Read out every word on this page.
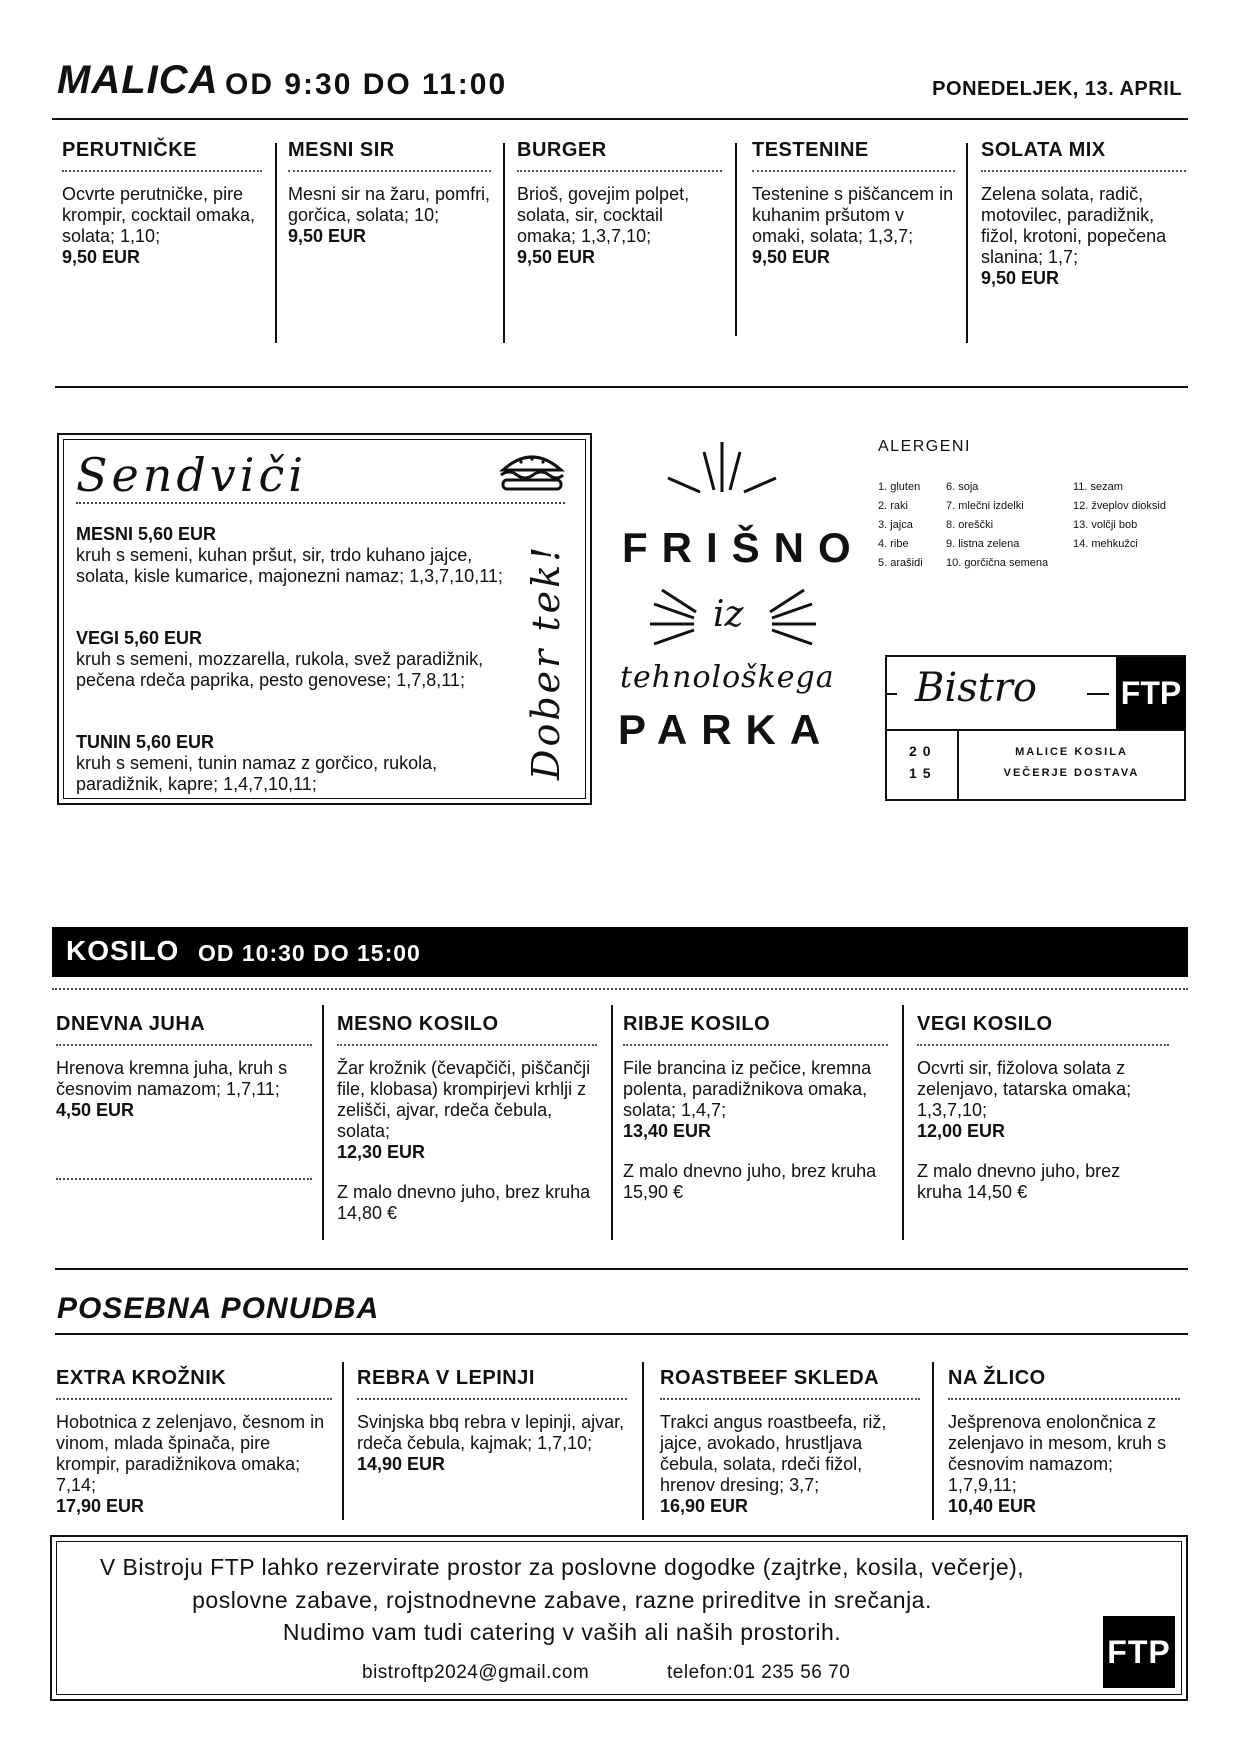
MALICA OD 9:30 DO 11:00	PONEDELJEK, 13. APRIL
PERUTNIČKE
Ocvrte perutničke, pire krompir, cocktail omaka, solata; 1,10;
9,50 EUR
MESNI SIR
Mesni sir na žaru, pomfri, gorčica, solata; 10;
9,50 EUR
BURGER
Brioš, govejim polpet, solata, sir, cocktail omaka; 1,3,7,10;
9,50 EUR
TESTENINE
Testenine s piščancem in kuhanim pršutom v omaki, solata; 1,3,7;
9,50 EUR
SOLATA MIX
Zelena solata, radič, motovilec, paradižnik, fižol, krotoni, popečena slanina; 1,7;
9,50 EUR
Sendviči
MESNI 5,60 EUR
kruh s semeni, kuhan pršut, sir, trdo kuhano jajce, solata, kisle kumarice, majonezni namaz; 1,3,7,10,11;
VEGI 5,60 EUR
kruh s semeni, mozzarella, rukola, svež paradižnik, pečena rdeča paprika, pesto genovese; 1,7,8,11;
TUNIN 5,60 EUR
kruh s semeni, tunin namaz z gorčico, rukola, paradižnik, kapre; 1,4,7,10,11;
Dober tek! FRIŠNO
iz
tehnološkega
PARKA
ALERGENI
1. gluten
2. raki
3. jajca
4. ribe
5. arašidi
6. soja
7. mlečni izdelki
8. oreščki
9. listna zelena
10. gorčična semena
11. sezam
12. žveplov dioksid
13. volčji bob
14. mehkužci
Bistro	FTP
20
15
MALICE KOSILA
VEČERJE DOSTAVA
KOSILO OD 10:30 DO 15:00
DNEVNA JUHA
Hrenova kremna juha, kruh s česnovim namazom; 1,7,11;
4,50 EUR
MESNO KOSILO
Žar krožnik (čevapčiči, piščančji file, klobasa) krompirjevi krhlji z zelišči, ajvar, rdeča čebula, solata;
12,30 EUR
Z malo dnevno juho, brez kruha 14,80 €
RIBJE KOSILO
File brancina iz pečice, kremna polenta, paradižnikova omaka, solata; 1,4,7;
13,40 EUR
Z malo dnevno juho, brez kruha 15,90 €
VEGI KOSILO
Ocvrti sir, fižolova solata z zelenjavo, tatarska omaka; 1,3,7,10;
12,00 EUR
Z malo dnevno juho, brez kruha 14,50 €
POSEBNA PONUDBA
EXTRA KROŽNIK
Hobotnica z zelenjavo, česnom in vinom, mlada špinača, pire krompir, paradižnikova omaka; 7,14;
17,90 EUR
REBRA V LEPINJI
Svinjska bbq rebra v lepinji, ajvar, rdeča čebula, kajmak; 1,7,10;
14,90 EUR
ROASTBEEF SKLEDA
Trakci angus roastbeefa, riž, jajce, avokado, hrustljava čebula, solata, rdeči fižol, hrenov dresing; 3,7;
16,90 EUR
NA ŽLICO
Ješprenova enolončnica z zelenjavo in mesom, kruh s česnovim namazom; 1,7,9,11;
10,40 EUR
V Bistroju FTP lahko rezervirate prostor za poslovne dogodke (zajtrke, kosila, večerje),
poslovne zabave, rojstnodnevne zabave, razne prireditve in srečanja.
Nudimo vam tudi catering v vaših ali naših prostorih.
bistroftp2024@gmail.com	telefon:01 235 56 70
FTP
